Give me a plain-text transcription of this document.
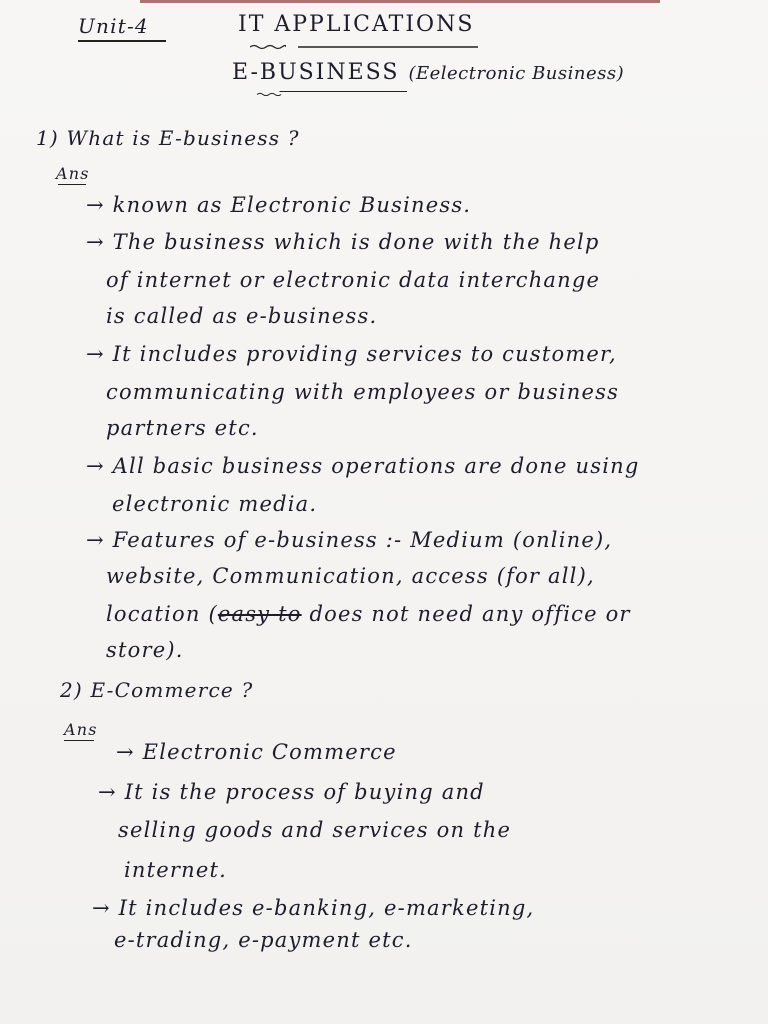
Unit-4	IT APPLICATIONS
E-BUSINESS (Eelectronic Business)
1) What is E-business ?
Ans
→ known as Electronic Business.
→ The business which is done with the help
of internet or electronic data interchange
is called as e-business.
→ It includes providing services to customer,
communicating with employees or business
partners etc.
→ All basic business operations are done using
electronic media.
→ Features of e-business :- Medium (online),
website, Communication, access (for all),
location (easy to does not need any office or
store).
2) E-Commerce ?
Ans
→ Electronic Commerce
→ It is the process of buying and
selling goods and services on the
internet.
→ It includes e-banking, e-marketing,
e-trading, e-payment etc.
